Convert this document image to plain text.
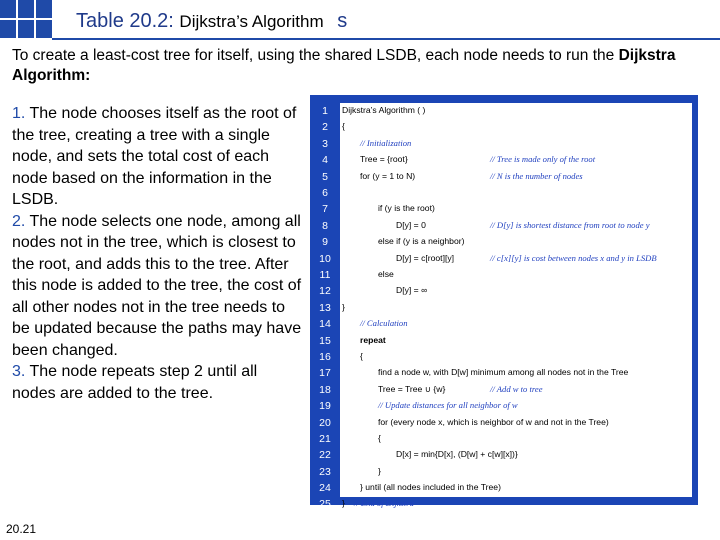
Table 20.2: Dijkstra’s Algorithm s
To create a least-cost tree for itself, using the shared LSDB, each node needs to run the Dijkstra Algorithm:
1. The node chooses itself as the root of the tree, creating a tree with a single node, and sets the total cost of each node based on the information in the LSDB.
2. The node selects one node, among all nodes not in the tree, which is closest to the root, and adds this to the tree. After this node is added to the tree, the cost of all other nodes not in the tree needs to be updated because the paths may have been changed.
3. The node repeats step 2 until all nodes are added to the tree.
1
2
3
4
5
6
7
8
9
10
11
12
13
14
15
16
17
18
19
20
21
22
23
24
25
Dijkstra’s Algorithm ( )
{
// Initialization
Tree = {root}	// Tree is made only of the root
for (y = 1 to N)	// N is the number of nodes
if (y is the root)
D[y] = 0	// D[y] is shortest distance from root to node y
else if (y is a neighbor)
D[y] = c[root][y]	// c[x][y] is cost between nodes x and y in LSDB
else
D[y] = ∞
}
// Calculation
repeat
{
find a node w, with D[w] minimum among all nodes not in the Tree
Tree = Tree ∪ {w}	// Add w to tree
// Update distances for all neighbor of w
for (every node x, which is neighbor of w and not in the Tree)
{
D[x] = min{D[x], (D[w] + c[w][x])}
}
} until (all nodes included in the Tree)
} // End of Dijkstra
20.21
